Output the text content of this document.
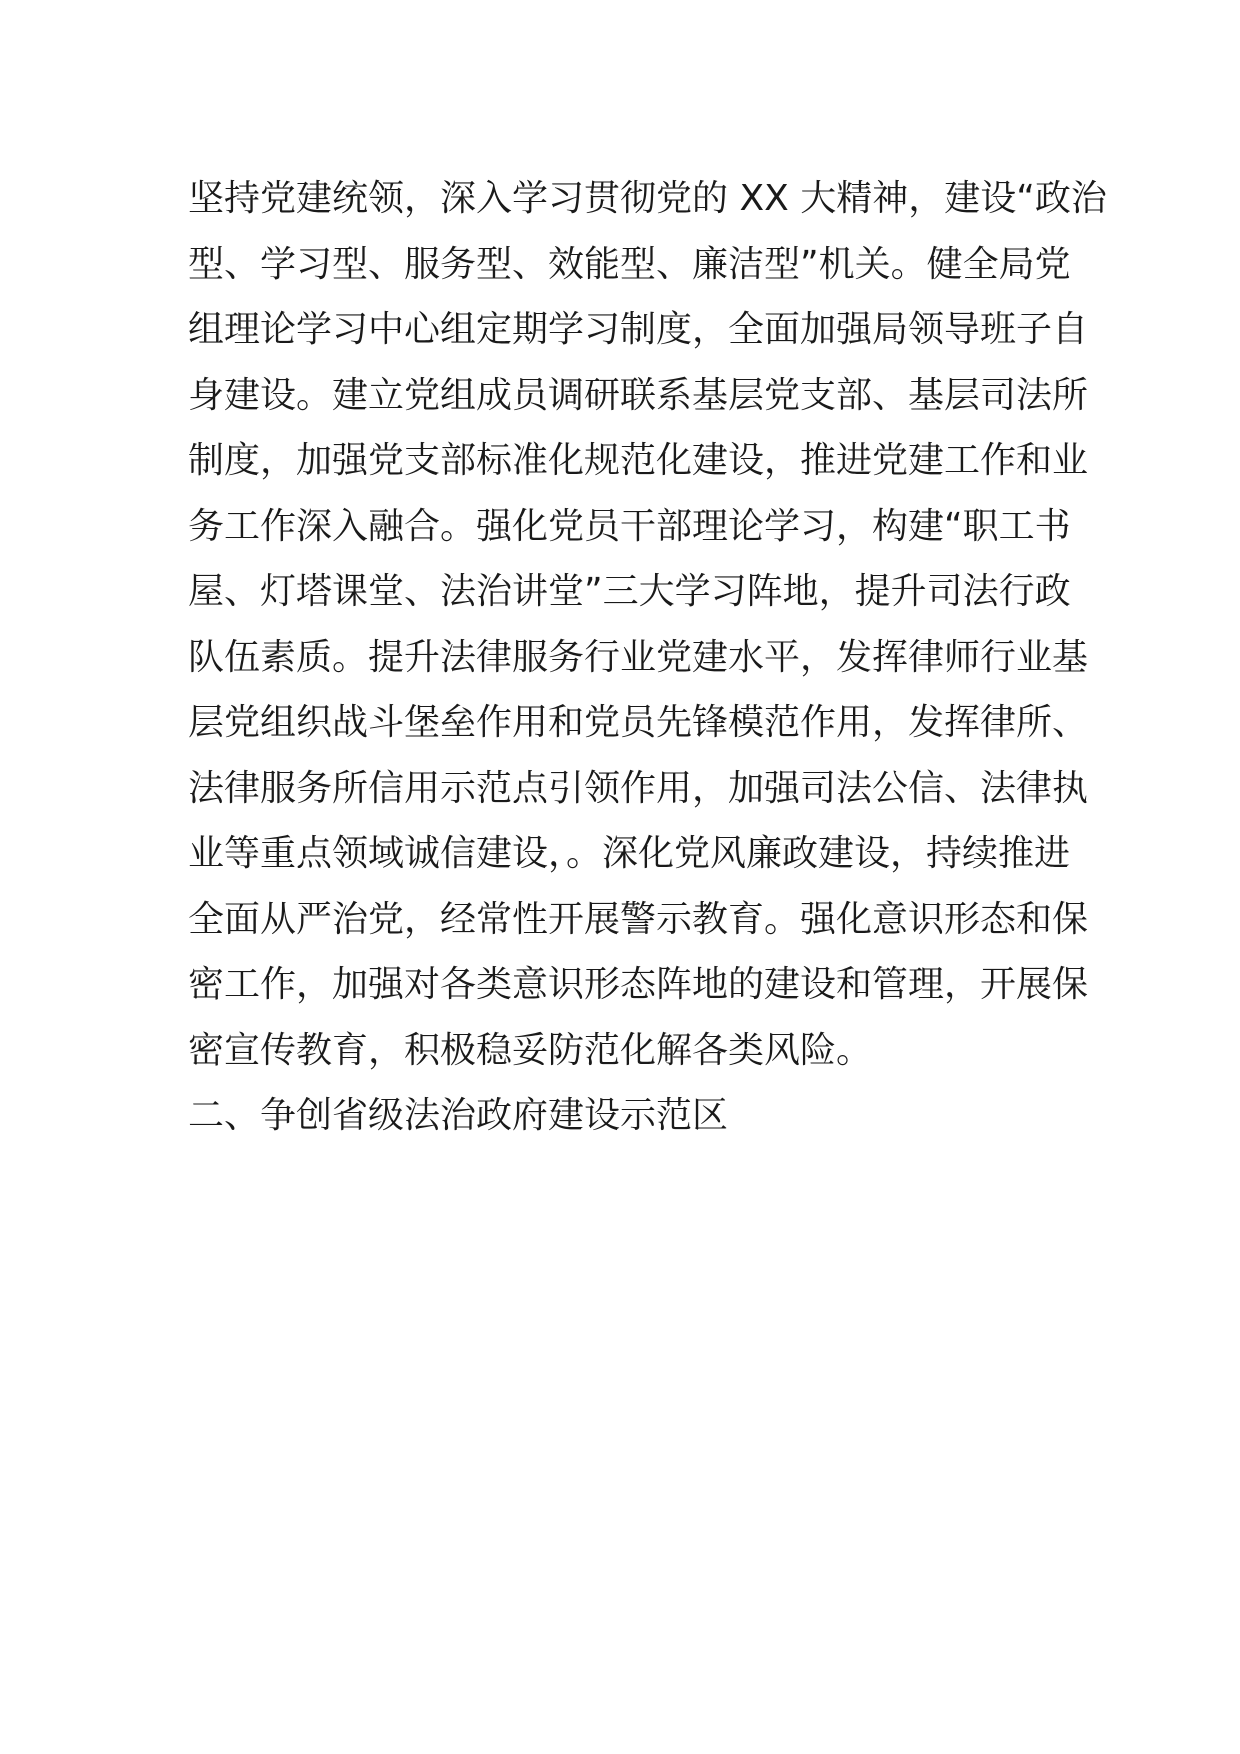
坚持党建统领，深入学习贯彻党的 XX 大精神，建设“政治
型、学习型、服务型、效能型、廉洁型”机关。健全局党
组理论学习中心组定期学习制度，全面加强局领导班子自
身建设。建立党组成员调研联系基层党支部、基层司法所
制度，加强党支部标准化规范化建设，推进党建工作和业
务工作深入融合。强化党员干部理论学习，构建“职工书
屋、灯塔课堂、法治讲堂”三大学习阵地，提升司法行政
队伍素质。提升法律服务行业党建水平，发挥律师行业基
层党组织战斗堡垒作用和党员先锋模范作用，发挥律所、
法律服务所信用示范点引领作用，加强司法公信、法律执
业等重点领域诚信建设，。深化党风廉政建设，持续推进
全面从严治党，经常性开展警示教育。强化意识形态和保
密工作，加强对各类意识形态阵地的建设和管理，开展保
密宣传教育，积极稳妥防范化解各类风险。
二、争创省级法治政府建设示范区
